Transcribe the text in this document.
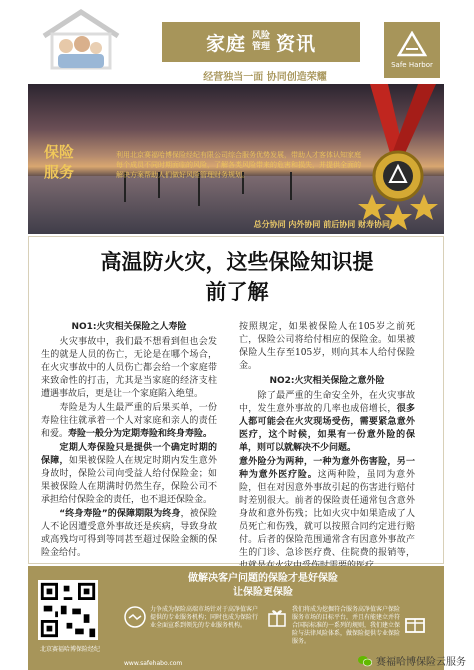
家庭 风险
管理 资讯
Safe Harbor
经营独当一面 协同创造荣耀
保险
服务
利用北京赛福哈博保险经纪有限公司综合服务优势发展，带助人才客体认知家庭每个成员不同时期面临的风险，了解各类风险带来的危害和损失，并提供全面的解决方案帮助人们做好风险管理财务规划。
总分协同 内外协同 前后协同 财寿协同
高温防火灾，这些保险知识提
前了解

NO1:火灾相关保险之人寿险

　　火灾事故中，我们最不想看到但也会发生的就是人员的伤亡，无论是在哪个场合，在火灾事故中的人员伤亡都会给一个家庭带来致命性的打击，尤其是当家庭的经济支柱遭遇事故后，更是让一个家庭陷入绝望。

　　寿险是为人生最严重的后果买单，一份寿险往往就承着一个人对家庭和亲人的责任和爱。寿险一般分为定期寿险和终身寿险。

　　定期人寿保险只是提供一个确定时期的保障，如果被保险人在规定时期内发生意外身故时，保险公司向受益人给付保险金；如果被保险人在期满时仍然生存，保险公司不承担给付保险金的责任，也不退还保险金。

　　“终身寿险”的保障期限为终身，被保险人不论因遭受意外事故还是疾病，导致身故或高残均可得到等同甚至超过保险金额的保险金给付。

按照规定，如果被保险人在105岁之前死亡，保险公司将给付相应的保险金。如果被保险人生存至105岁，则向其本人给付保险金。

NO2:火灾相关保险之意外险

　　除了最严重的生命安全外，在火灾事故中，发生意外事故的几率也成倍增长，很多人都可能会在火灾现场受伤，需要紧急意外医疗，这个时候，如果有一份意外险的保单，则可以就解决不少问题。

意外险分为两种，一种为意外伤害险，另一种为意外医疗险。这两种险，虽同为意外险，但在对因意外事故引起的伤害进行赔付时差别很大。前者的保险责任通常包含意外身故和意外伤残；比如火灾中如果造成了人员死亡和伤残，就可以按照合同约定进行赔付。后者的保险范围通常含有因意外事故产生的门诊、急诊医疗费、住院费的报销等，

做解决客户问题的保险才是好保险
让保险更保险
北京赛福哈博保险经纪
力争成为保险高端市场针对于高净值客户提供的专业服务机构；同时也成为保险行业全面宣系到领先的专业服务机构。
我们将成为挖掘符合服务高净值客户保险服务市场的目标平台，并且有能建立并符合国际标准的一系列的规则，我们建立保险与法律风险体系，做保险提供专业保险服务。
www.safehabo.com	赛福哈博保险云服务
